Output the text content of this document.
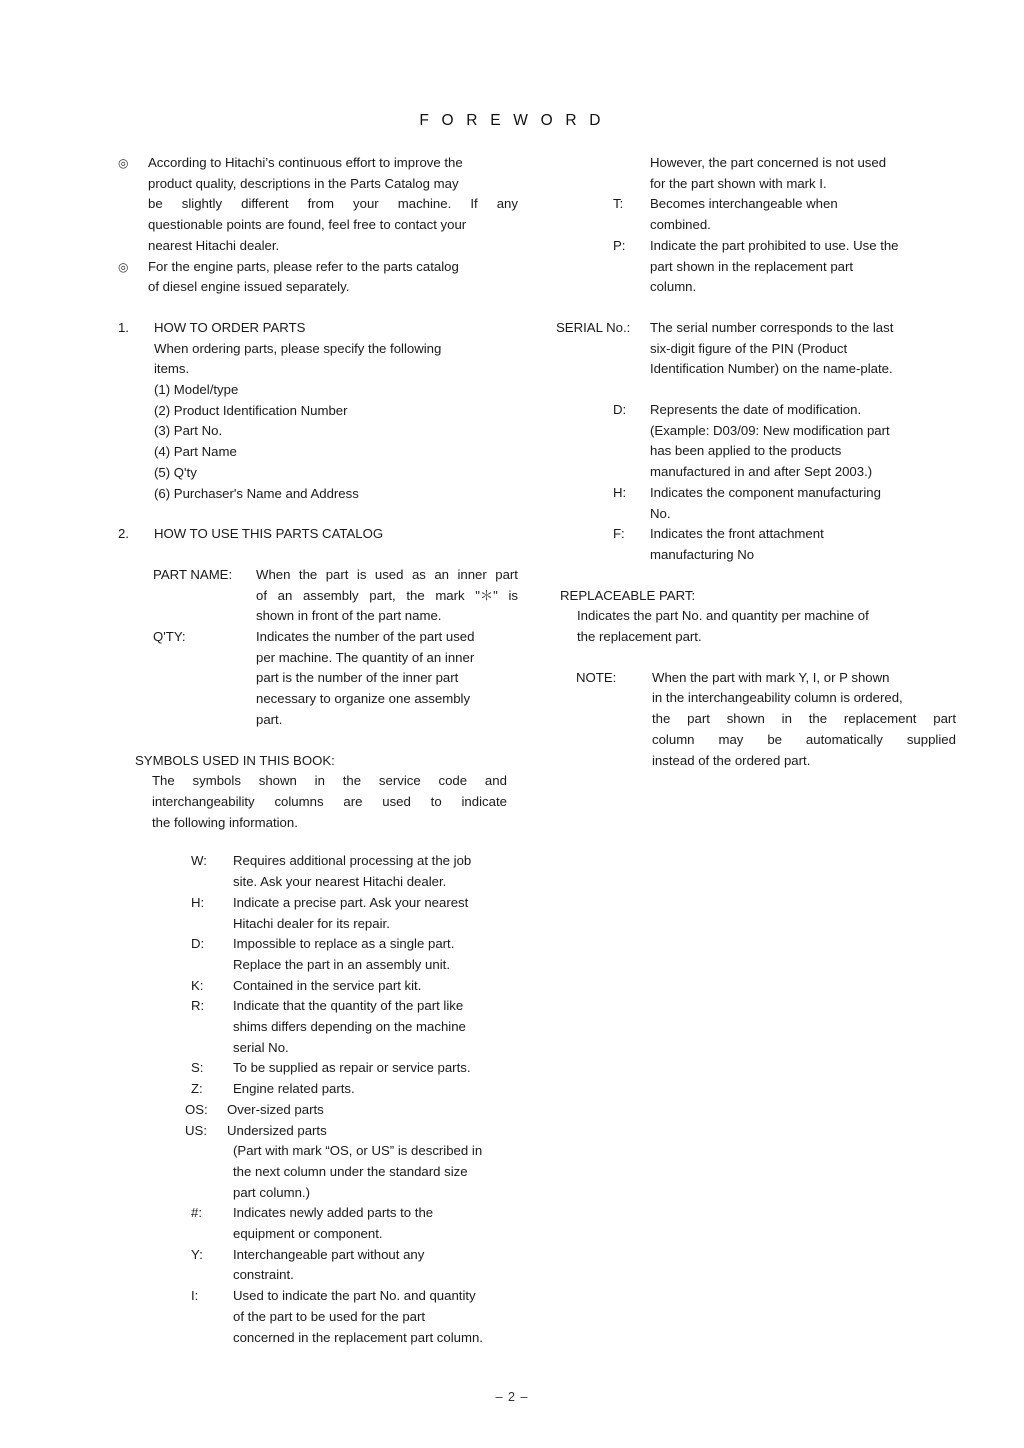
F O R E W O R D
◎	According to Hitachi’s continuous effort to improve the
product quality, descriptions in the Parts Catalog may
be slightly different from your machine. If any
questionable points are found, feel free to contact your
nearest Hitachi dealer.
◎	For the engine parts, please refer to the parts catalog
of diesel engine issued separately.
1.	HOW TO ORDER PARTS
When ordering parts, please specify the following
items.
(1) Model/type
(2) Product Identification Number
(3) Part No.
(4) Part Name
(5) Q'ty
(6) Purchaser's Name and Address
2.	HOW TO USE THIS PARTS CATALOG
PART NAME:	When the part is used as an inner part
of an assembly part, the mark "＊" is
shown in front of the part name.
Q'TY:	Indicates the number of the part used
per machine. The quantity of an inner
part is the number of the inner part
necessary to organize one assembly
part.
SYMBOLS USED IN THIS BOOK:
The symbols shown in the service code and
interchangeability columns are used to indicate
the following information.
W:	Requires additional processing at the job
site. Ask your nearest Hitachi dealer.
H:	Indicate a precise part. Ask your nearest
Hitachi dealer for its repair.
D:	Impossible to replace as a single part.
Replace the part in an assembly unit.
K:	Contained in the service part kit.
R:	Indicate that the quantity of the part like
shims differs depending on the machine
serial No.
S:	To be supplied as repair or service parts.
Z:	Engine related parts.
OS:	Over-sized parts
US:	Undersized parts
(Part with mark “OS, or US” is described in
the next column under the standard size
part column.)
#:	Indicates newly added parts to the
equipment or component.
Y:	Interchangeable part without any
constraint.
I:	Used to indicate the part No. and quantity
of the part to be used for the part
concerned in the replacement part column.
However, the part concerned is not used
for the part shown with mark I.
T:	Becomes interchangeable when
combined.
P:	Indicate the part prohibited to use. Use the
part shown in the replacement part
column.
SERIAL No.:	The serial number corresponds to the last
six-digit figure of the PIN (Product
Identification Number) on the name-plate.
D:	Represents the date of modification.
(Example: D03/09: New modification part
has been applied to the products
manufactured in and after Sept 2003.)
H:	Indicates the component manufacturing
No.
F:	Indicates the front attachment
manufacturing No
REPLACEABLE PART:
Indicates the part No. and quantity per machine of
the replacement part.
NOTE:	When the part with mark Y, I, or P shown
in the interchangeability column is ordered,
the part shown in the replacement part
column may be automatically supplied
instead of the ordered part.
– 2 –
